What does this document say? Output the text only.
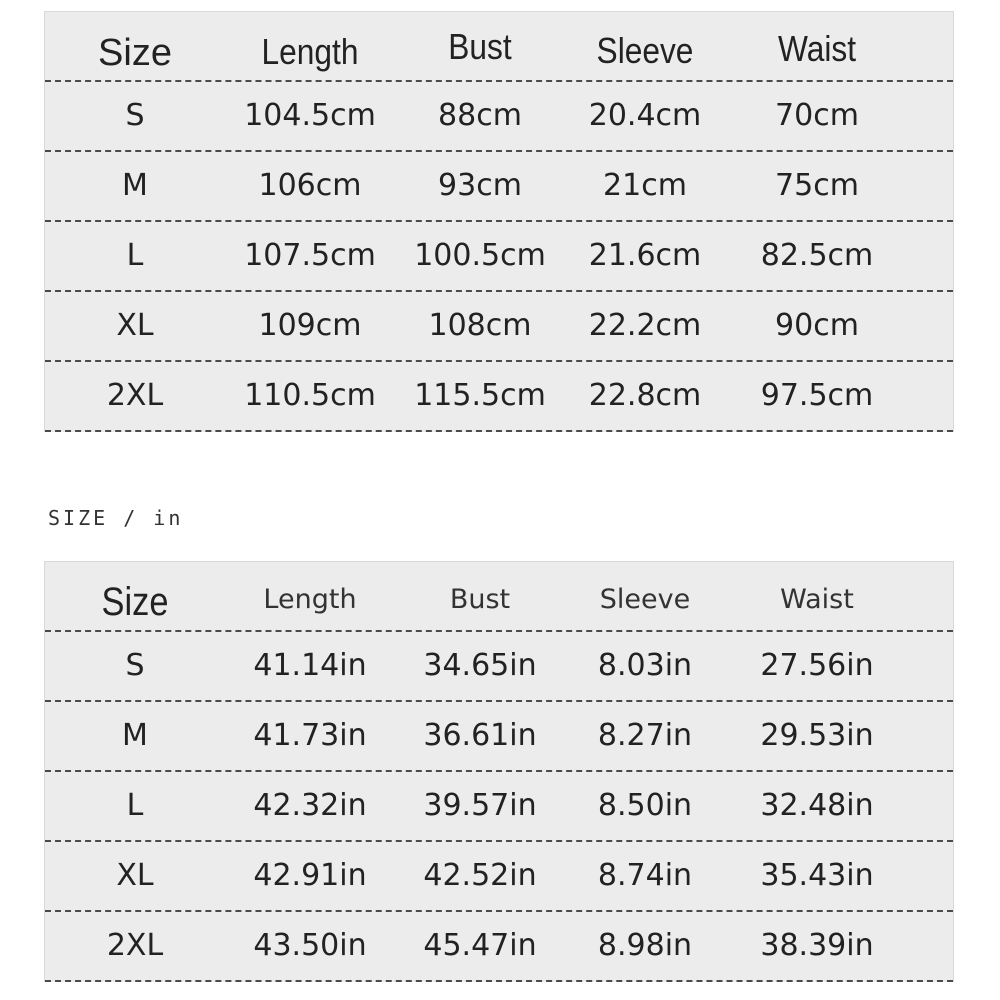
Size	Length	Bust	Sleeve	Waist
S	104.5cm	88cm	20.4cm	70cm
M	106cm	93cm	21cm	75cm
L	107.5cm	100.5cm	21.6cm	82.5cm
XL	109cm	108cm	22.2cm	90cm
2XL	110.5cm	115.5cm	22.8cm	97.5cm
SIZE / in
Size	Length	Bust	Sleeve	Waist
S	41.14in	34.65in	8.03in	27.56in
M	41.73in	36.61in	8.27in	29.53in
L	42.32in	39.57in	8.50in	32.48in
XL	42.91in	42.52in	8.74in	35.43in
2XL	43.50in	45.47in	8.98in	38.39in
